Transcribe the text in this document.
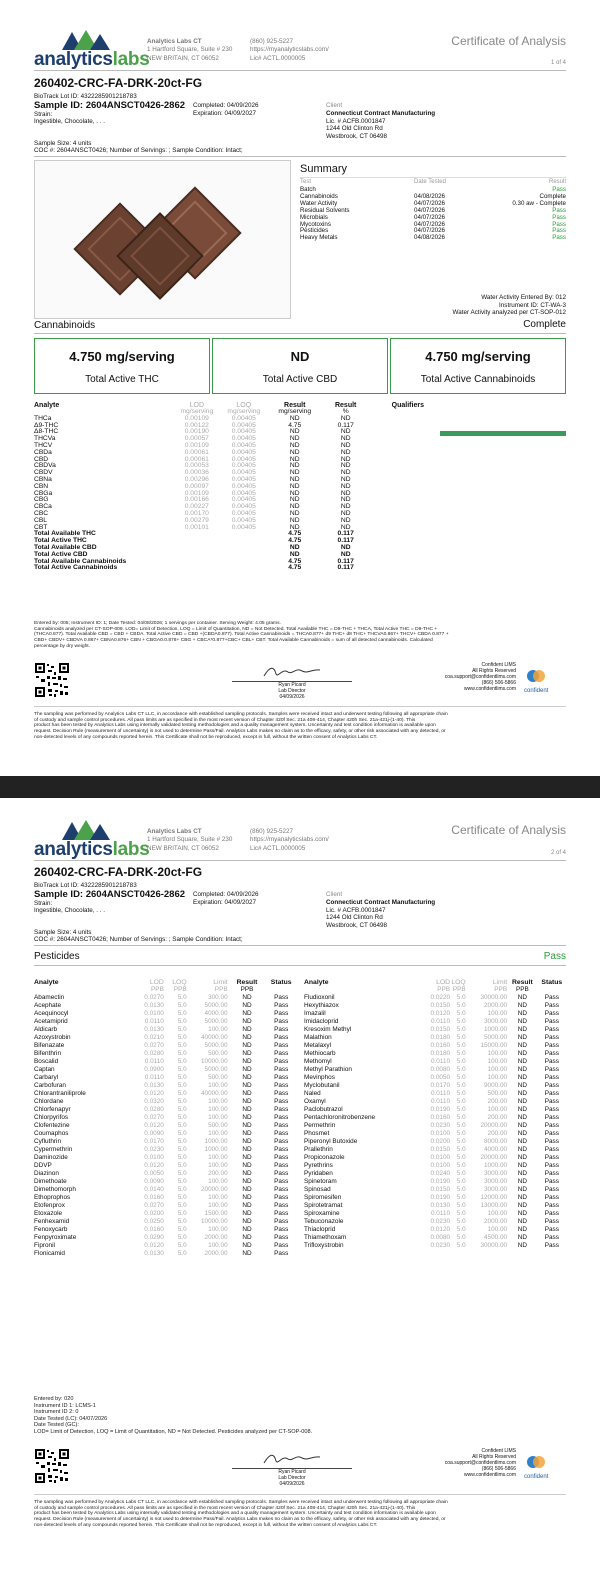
analyticslabs
Analytics Labs CT
1 Hartford Square, Suite # 230
NEW BRITAIN, CT 06052
(860) 925-5227
https://myanalyticslabs.com/
Lic# ACTL.0000005
Certificate of Analysis
1 of 4
260402-CRC-FA-DRK-20ct-FG
BioTrack Lot ID: 4322285901218783
Sample ID: 2604ANSCT0426-2862
Strain:
Ingestible, Chocolate, . . .
Completed: 04/09/2026
Expiration: 04/09/2027
Client
Connecticut Contract Manufacturing
Lic. # ACFB.0001847
1244 Old Clinton Rd
Westbrook, CT 06498
Sample Size: 4 units
COC #: 2604ANSCT0426; Number of Servings: ; Sample Condition: Intact;
Summary
Test	Date Tested	Result
Batch		Pass
Cannabinoids	04/08/2026	Complete
Water Activity	04/07/2026	0.30 aw - Complete
Residual Solvents	04/07/2026	Pass
Microbials	04/07/2026	Pass
Mycotoxins	04/07/2026	Pass
Pesticides	04/07/2026	Pass
Heavy Metals	04/08/2026	Pass
Water Activity Entered By: 012
Instrument ID: CT-WA-3
Water Activity analyzed per CT-SOP-012
Cannabinoids	Complete
4.750 mg/serving
Total Active THC
ND
Total Active CBD
4.750 mg/serving
Total Active Cannabinoids
Analyte	LOD	LOQ	Result	Result	Qualifiers
	mg/serving	mg/serving	mg/serving	%	
THCa	0.00109	0.00405	ND	ND	
Δ9-THC	0.00122	0.00405	4.75	0.117	
Δ8-THC	0.00190	0.00405	ND	ND	
THCVa	0.00057	0.00405	ND	ND	
THCV	0.00109	0.00405	ND	ND	
CBDa	0.00061	0.00405	ND	ND	
CBD	0.00061	0.00405	ND	ND	
CBDVa	0.00053	0.00405	ND	ND	
CBDV	0.00036	0.00405	ND	ND	
CBNa	0.00296	0.00405	ND	ND	
CBN	0.00097	0.00405	ND	ND	
CBGa	0.00109	0.00405	ND	ND	
CBG	0.00166	0.00405	ND	ND	
CBCa	0.00227	0.00405	ND	ND	
CBC	0.00170	0.00405	ND	ND	
CBL	0.00279	0.00405	ND	ND	
CBT	0.00101	0.00405	ND	ND	
Total Available THC			4.75	0.117	
Total Active THC			4.75	0.117	
Total Available CBD			ND	ND	
Total Active CBD			ND	ND	
Total Available Cannabinoids			4.75	0.117	
Total Active Cannabinoids			4.75	0.117	
Entered by: 005; Instrument ID: 1; Date Tested: 04/08/2026; 1 servings per container. Serving Weight: 4.05 grams.
Cannabinoids analyzed per CT-SOP-009. LOD= Limit of Detection, LOQ = Limit of Quantitation, ND = Not Detected. Total Available THC = D9-THC + THCA, Total Active THC = D9-THC +
(THCA0.877). Total Available CBD = CBD + CBDA. Total Active CBD = CBD +(CBDA0.877). Total Active Cannabinoids = THCA0.877+ d9 THC+ d8 THC+ THCVA0.867+ THCV+ CBDA 0.877 +
CBD+ CBDV+ CBDVA 0.867+ CBNA0.876+ CBN + CBGA0.0.878+ CBG + CBCA*0.877+CBC+ CBL+ CBT. Total Available Cannabinoids = sum of all detected cannabinoids. Calculated
percentage by dry weight.
Ryan Picard
Lab Director
04/09/2026
Confident LIMS
All Rights Reserved
coa.support@confidentlims.com
(866) 506-5866
www.confidentlims.com confident
The sampling was performed by Analytics Labs CT LLC, in accordance with established sampling protocols. Samples were received intact and underwent testing following all appropriate chain
of custody and sample control procedures. All pass limits are as specified in the most recent version of Chapter 420f Sec. 21a 408-414, Chapter 420h Sec. 21a-421j-(1-40). This
product has been tested by Analytics Labs using internally validated testing methodologies and a quality management system. Uncertainty and test condition information is available upon
request. Decision Rule (measurement of uncertainty) is not used to determine Pass/Fail. Analytics Labs makes no claim as to the efficacy, safety, or other risk associated with any detected, or
non-detected levels of any compounds reported herein. This Certificate shall not be reproduced, except in full, without the written consent of Analytics Labs CT.
analyticslabs
Analytics Labs CT
1 Hartford Square, Suite # 230
NEW BRITAIN, CT 06052
(860) 925-5227
https://myanalyticslabs.com/
Lic# ACTL.0000005
Certificate of Analysis
2 of 4
260402-CRC-FA-DRK-20ct-FG
BioTrack Lot ID: 4322285901218783
Sample ID: 2604ANSCT0426-2862
Strain:
Ingestible, Chocolate, . . .
Completed: 04/09/2026
Expiration: 04/09/2027
Client
Connecticut Contract Manufacturing
Lic. # ACFB.0001847
1244 Old Clinton Rd
Westbrook, CT 06498
Sample Size: 4 units
COC #: 2604ANSCT0426; Number of Servings: ; Sample Condition: Intact;
Pesticides	Pass
Analyte	LOD	LOQ	Limit	Result	Status
	PPB	PPB	PPB	PPB	
Abamectin	0.0270	5.0	300.00	ND	Pass
Acephate	0.0130	5.0	5000.00	ND	Pass
Acequinocyl	0.0100	5.0	4000.00	ND	Pass
Acetamiprid	0.0110	5.0	5000.00	ND	Pass
Aldicarb	0.0130	5.0	100.00	ND	Pass
Azoxystrobin	0.0210	5.0	40000.00	ND	Pass
Bifenazate	0.0270	5.0	5000.00	ND	Pass
Bifenthrin	0.0280	5.0	500.00	ND	Pass
Boscalid	0.0110	5.0	10000.00	ND	Pass
Captan	0.0900	5.0	5000.00	ND	Pass
Carbaryl	0.0110	5.0	500.00	ND	Pass
Carbofuran	0.0130	5.0	100.00	ND	Pass
Chlorantraniliprole	0.0120	5.0	40000.00	ND	Pass
Chlordane	0.0320	5.0	100.00	ND	Pass
Chlorfenapyr	0.0280	5.0	100.00	ND	Pass
Chlorpyrifos	0.0270	5.0	100.00	ND	Pass
Clofentezine	0.0120	5.0	500.00	ND	Pass
Coumaphos	0.0090	5.0	100.00	ND	Pass
Cyfluthrin	0.0170	5.0	1000.00	ND	Pass
Cypermethrin	0.0230	5.0	1000.00	ND	Pass
Daminozide	0.0100	5.0	100.00	ND	Pass
DDVP	0.0120	5.0	100.00	ND	Pass
Diazinon	0.0050	5.0	200.00	ND	Pass
Dimethoate	0.0090	5.0	100.00	ND	Pass
Dimethomorph	0.0140	5.0	20000.00	ND	Pass
Ethoprophos	0.0160	5.0	100.00	ND	Pass
Etofenprox	0.0270	5.0	100.00	ND	Pass
Etoxazole	0.0200	5.0	1500.00	ND	Pass
Fenhexamid	0.0250	5.0	10000.00	ND	Pass
Fenoxycarb	0.0160	5.0	100.00	ND	Pass
Fenpyroximate	0.0290	5.0	2000.00	ND	Pass
Fipronil	0.0120	5.0	100.00	ND	Pass
Flonicamid	0.0130	5.0	2000.00	ND	Pass
Analyte	LOD	LOQ	Limit	Result	Status
	PPB	PPB	PPB	PPB	
Fludioxonil	0.0220	5.0	30000.00	ND	Pass
Hexythiazox	0.0150	5.0	2000.00	ND	Pass
Imazalil	0.0120	5.0	100.00	ND	Pass
Imidacloprid	0.0110	5.0	3000.00	ND	Pass
Kresoxim Methyl	0.0150	5.0	1000.00	ND	Pass
Malathion	0.0180	5.0	5000.00	ND	Pass
Metalaxyl	0.0160	5.0	15000.00	ND	Pass
Methiocarb	0.0180	5.0	100.00	ND	Pass
Methomyl	0.0110	5.0	100.00	ND	Pass
Methyl Parathion	0.0080	5.0	100.00	ND	Pass
Mevinphos	0.0050	5.0	100.00	ND	Pass
Myclobutanil	0.0170	5.0	9000.00	ND	Pass
Naled	0.0110	5.0	500.00	ND	Pass
Oxamyl	0.0110	5.0	200.00	ND	Pass
Paclobutrazol	0.0190	5.0	100.00	ND	Pass
Pentachloronitrobenzene	0.0160	5.0	200.00	ND	Pass
Permethrin	0.0230	5.0	20000.00	ND	Pass
Phosmet	0.0100	5.0	200.00	ND	Pass
Piperonyl Butoxide	0.0200	5.0	8000.00	ND	Pass
Prallethrin	0.0150	5.0	4000.00	ND	Pass
Propiconazole	0.0100	5.0	20000.00	ND	Pass
Pyrethrins	0.0100	5.0	1000.00	ND	Pass
Pyridaben	0.0240	5.0	3000.00	ND	Pass
Spinetoram	0.0190	5.0	3000.00	ND	Pass
Spinosad	0.0150	5.0	3000.00	ND	Pass
Spiromesifen	0.0190	5.0	12000.00	ND	Pass
Spirotetramat	0.0130	5.0	13000.00	ND	Pass
Spiroxamine	0.0110	5.0	100.00	ND	Pass
Tebuconazole	0.0230	5.0	2000.00	ND	Pass
Thiacloprid	0.0120	5.0	100.00	ND	Pass
Thiamethoxam	0.0080	5.0	4500.00	ND	Pass
Trifloxystrobin	0.0230	5.0	30000.00	ND	Pass
Entered by: 020
Instrument ID 1: LCMS-1
Instrument ID 2: 0
Date Tested (LC): 04/07/2026
Date Tested (GC):
LOD= Limit of Detection, LOQ = Limit of Quantitation, ND = Not Detected. Pesticides analyzed per CT-SOP-008.
Ryan Picard
Lab Director
04/09/2026
Confident LIMS
All Rights Reserved
coa.support@confidentlims.com
(866) 506-5866
www.confidentlims.com confident
The sampling was performed by Analytics Labs CT LLC, in accordance with established sampling protocols. Samples were received intact and underwent testing following all appropriate chain
of custody and sample control procedures. All pass limits are as specified in the most recent version of Chapter 420f Sec. 21a 408-414, Chapter 420h Sec. 21a-421j-(1-40). This
product has been tested by Analytics Labs using internally validated testing methodologies and a quality management system. Uncertainty and test condition information is available upon
request. Decision Rule (measurement of uncertainty) is not used to determine Pass/Fail. Analytics Labs makes no claim as to the efficacy, safety, or other risk associated with any detected, or
non-detected levels of any compounds reported herein. This Certificate shall not be reproduced, except in full, without the written consent of Analytics Labs CT.
